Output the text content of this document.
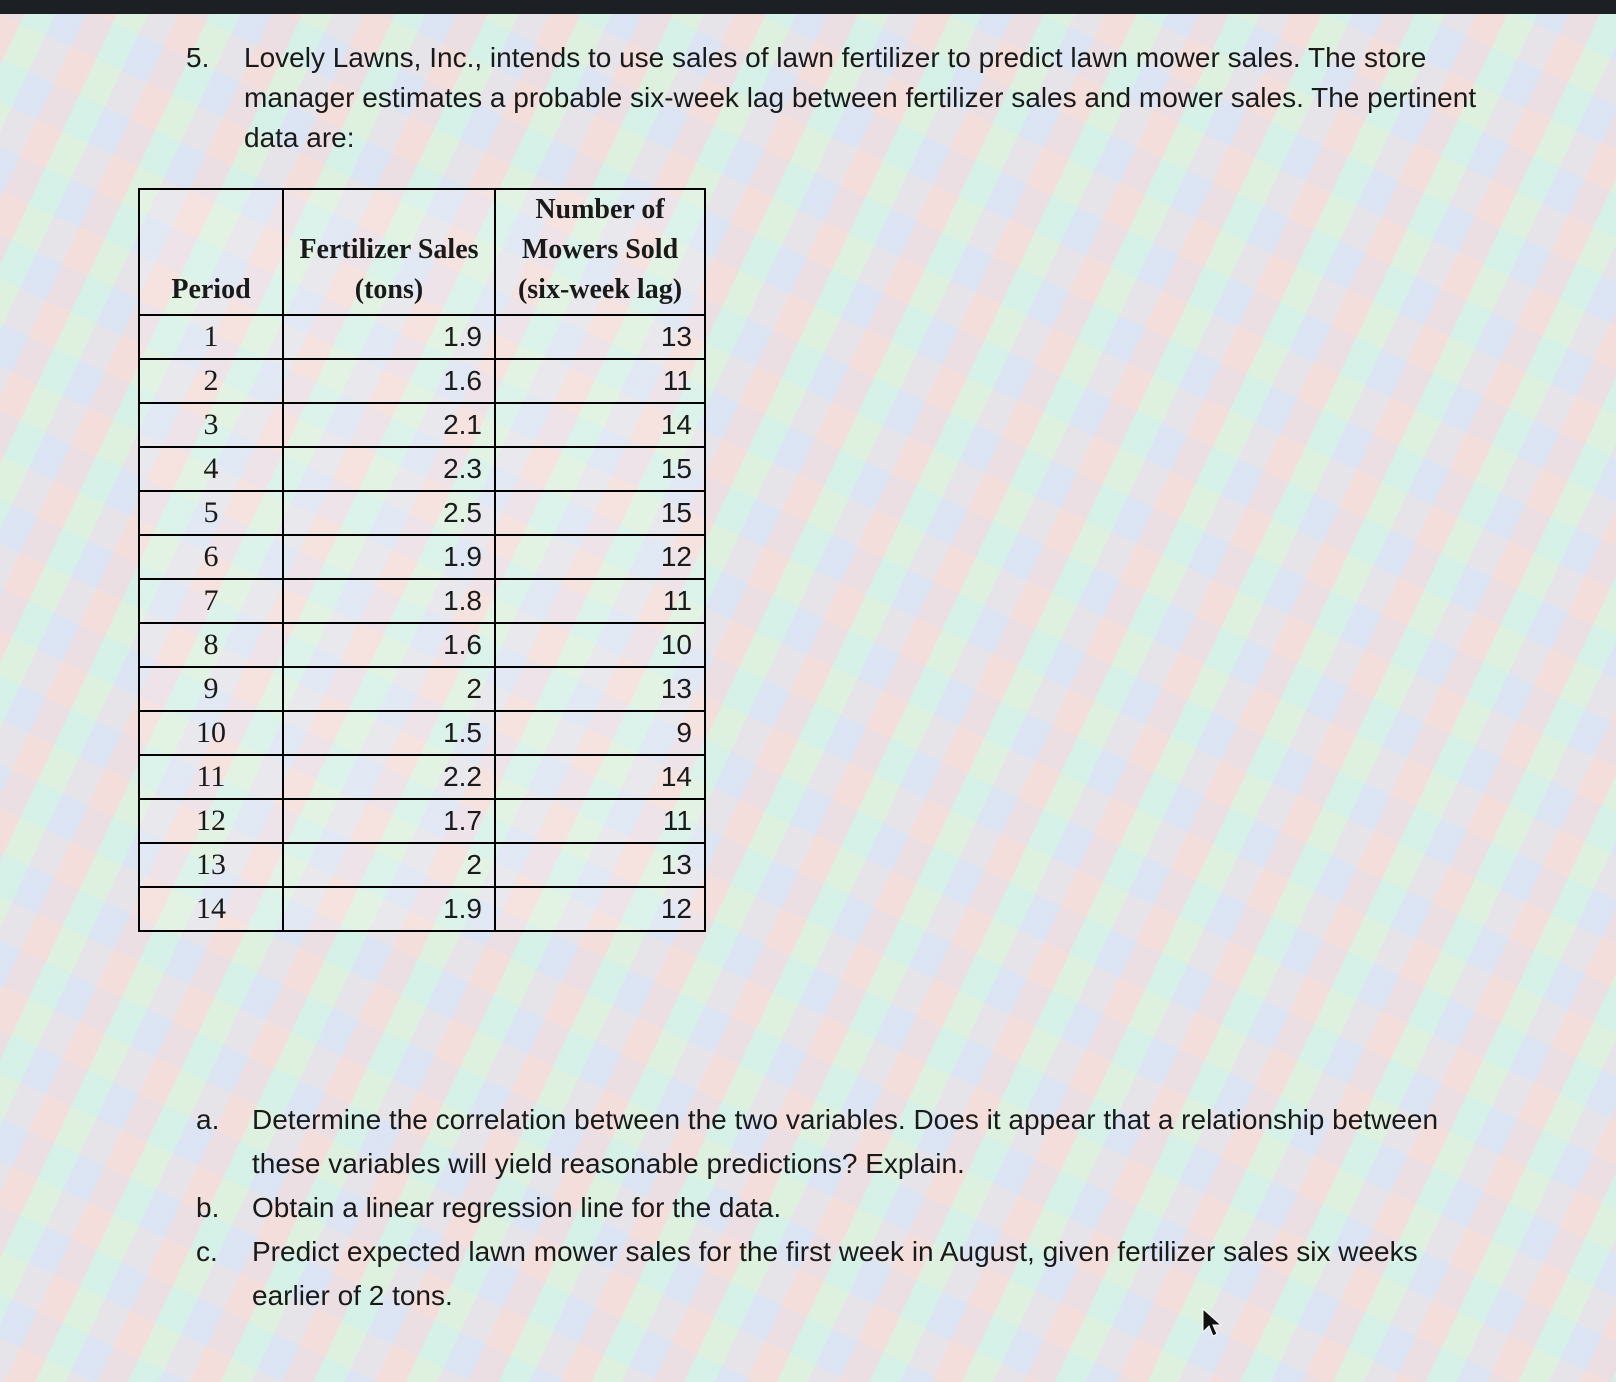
5. Lovely Lawns, Inc., intends to use sales of lawn fertilizer to predict lawn mower sales. The store manager estimates a probable six-week lag between fertilizer sales and mower sales. The pertinent data are:
Period	Fertilizer Sales (tons)	Number of Mowers Sold (six-week lag)
1	1.9	13
2	1.6	11
3	2.1	14
4	2.3	15
5	2.5	15
6	1.9	12
7	1.8	11
8	1.6	10
9	2	13
10	1.5	9
11	2.2	14
12	1.7	11
13	2	13
14	1.9	12
a. Determine the correlation between the two variables. Does it appear that a relationship between these variables will yield reasonable predictions? Explain.
b. Obtain a linear regression line for the data.
c. Predict expected lawn mower sales for the first week in August, given fertilizer sales six weeks earlier of 2 tons.
